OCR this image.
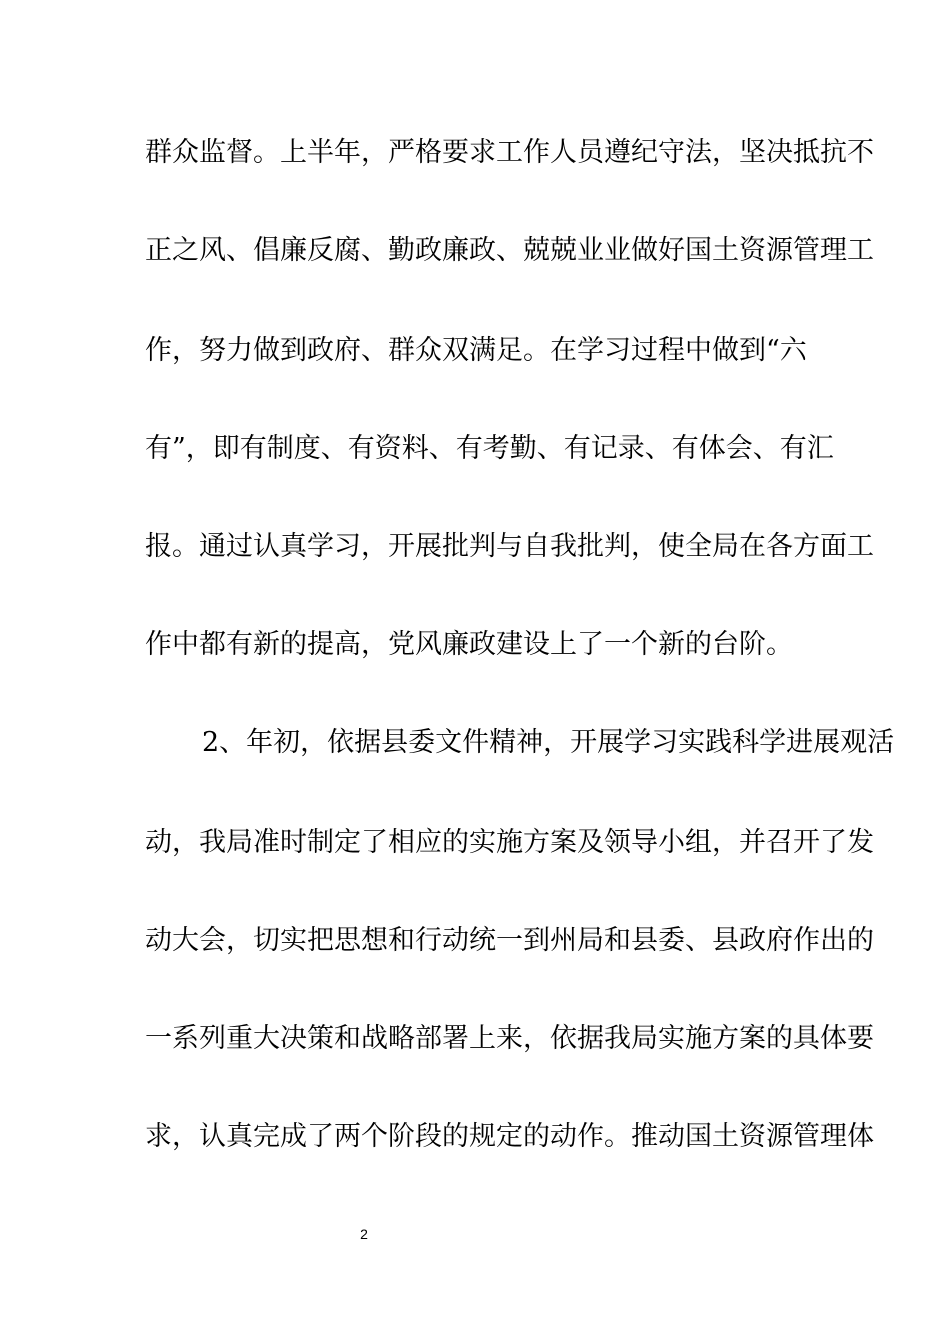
群众监督。上半年，严格要求工作人员遵纪守法，坚决抵抗不
正之风、倡廉反腐、勤政廉政、兢兢业业做好国土资源管理工
作，努力做到政府、群众双满足。在学习过程中做到“六
有”，即有制度、有资料、有考勤、有记录、有体会、有汇
报。通过认真学习，开展批判与自我批判，使全局在各方面工
作中都有新的提高，党风廉政建设上了一个新的台阶。
2、年初，依据县委文件精神，开展学习实践科学进展观活
动，我局准时制定了相应的实施方案及领导小组，并召开了发
动大会，切实把思想和行动统一到州局和县委、县政府作出的
一系列重大决策和战略部署上来，依据我局实施方案的具体要
求，认真完成了两个阶段的规定的动作。推动国土资源管理体
2
